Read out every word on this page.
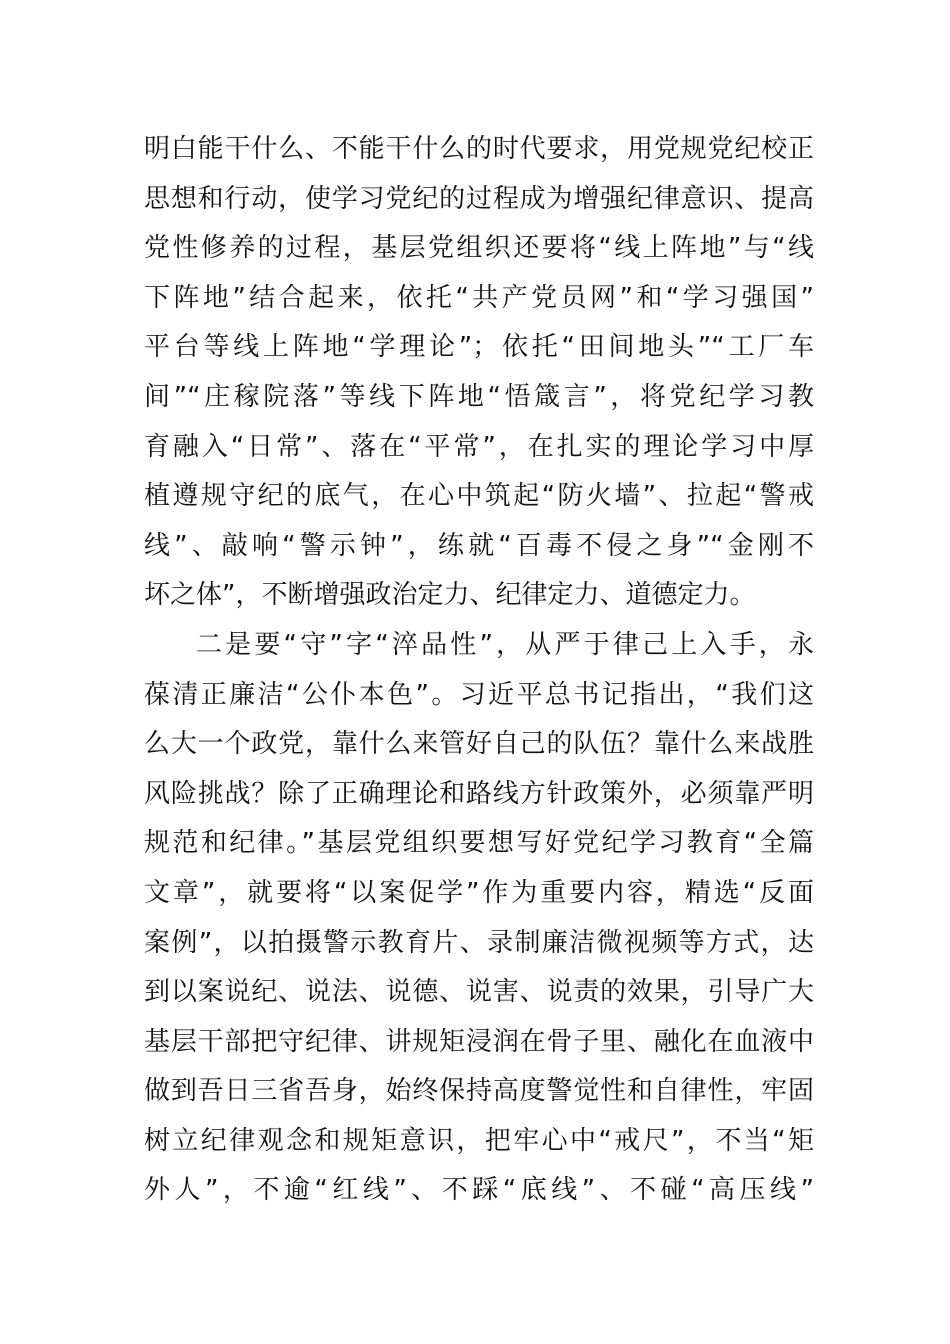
明白能干什么、不能干什么的时代要求，用党规党纪校正
思想和行动，使学习党纪的过程成为增强纪律意识、提高
党性修养的过程，基层党组织还要将“线上阵地”与“线
下阵地”结合起来，依托“共产党员网”和“学习强国”
平台等线上阵地“学理论”；依托“田间地头”“工厂车
间”“庄稼院落”等线下阵地“悟箴言”，将党纪学习教
育融入“日常”、落在“平常”，在扎实的理论学习中厚
植遵规守纪的底气，在心中筑起“防火墙”、拉起“警戒
线”、敲响“警示钟”，练就“百毒不侵之身”“金刚不
坏之体”，不断增强政治定力、纪律定力、道德定力。
二是要“守”字“淬品性”，从严于律己上入手，永
葆清正廉洁“公仆本色”。习近平总书记指出，“我们这
么大一个政党，靠什么来管好自己的队伍？靠什么来战胜
风险挑战？除了正确理论和路线方针政策外，必须靠严明
规范和纪律。”基层党组织要想写好党纪学习教育“全篇
文章”，就要将“以案促学”作为重要内容，精选“反面
案例”，以拍摄警示教育片、录制廉洁微视频等方式，达
到以案说纪、说法、说德、说害、说责的效果，引导广大
基层干部把守纪律、讲规矩浸润在骨子里、融化在血液中
做到吾日三省吾身，始终保持高度警觉性和自律性，牢固
树立纪律观念和规矩意识，把牢心中“戒尺”，不当“矩
外人”，不逾“红线”、不踩“底线”、不碰“高压线”
